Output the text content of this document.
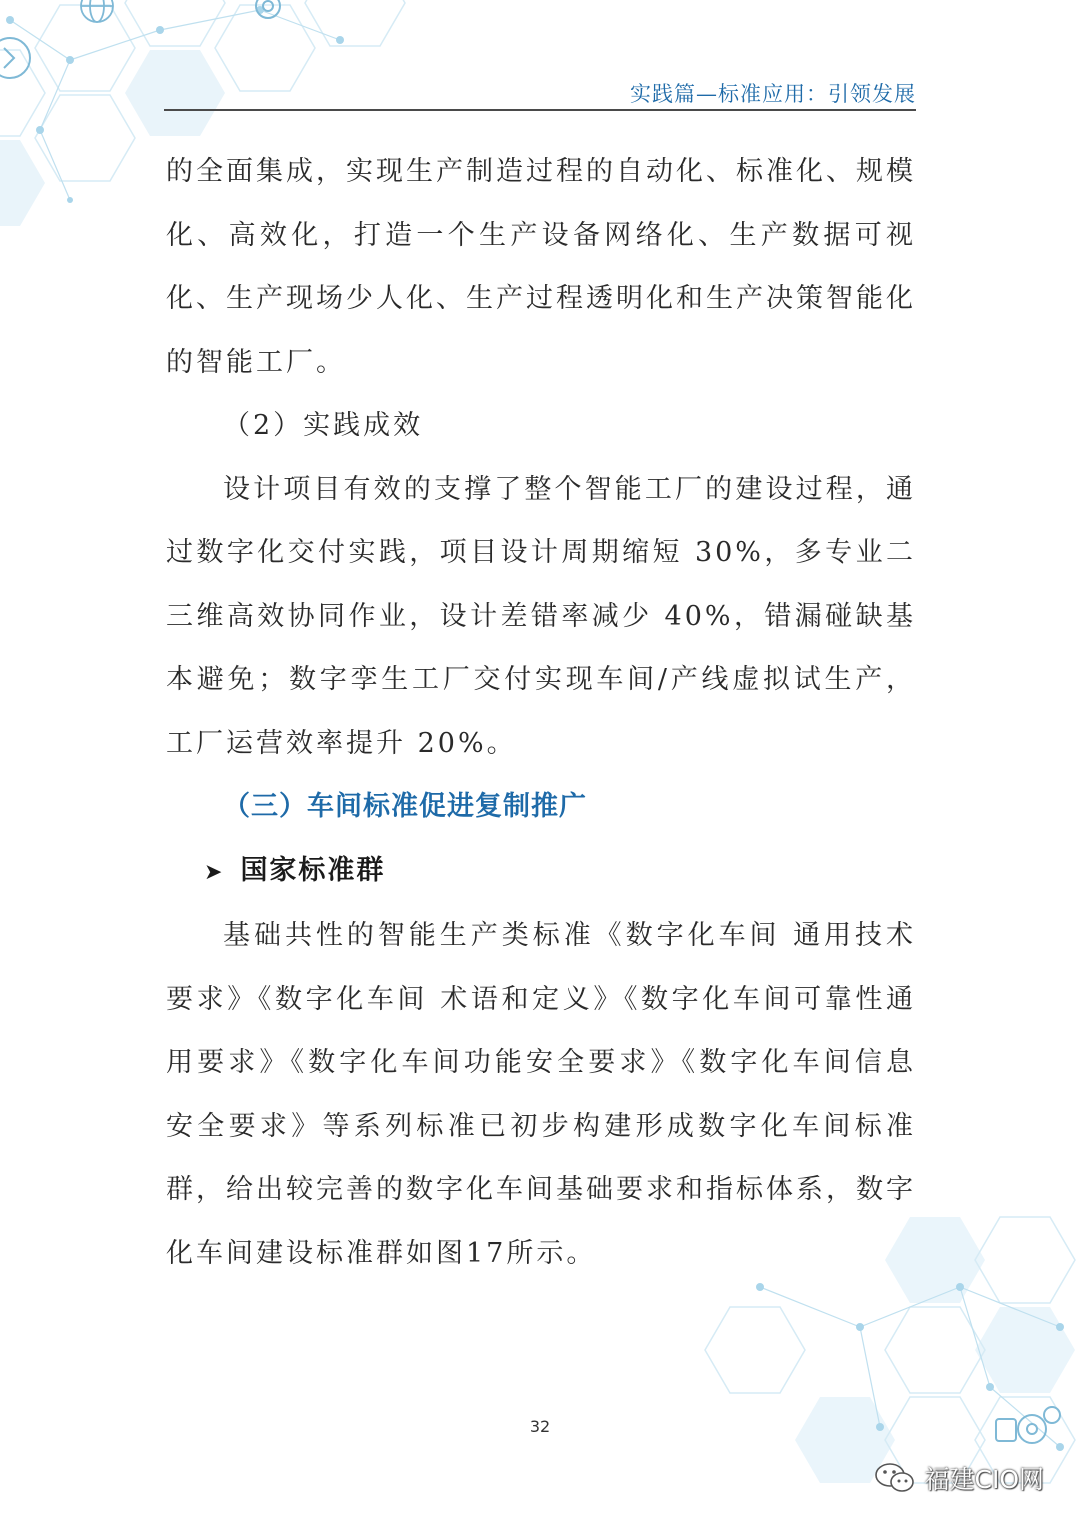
实践篇—标准应用：引领发展

的全面集成，实现生产制造过程的自动化、标准化、规模化、高效化，打造一个生产设备网络化、生产数据可视化、生产现场少人化、生产过程透明化和生产决策智能化的智能工厂。

（2）实践成效

设计项目有效的支撑了整个智能工厂的建设过程，通过数字化交付实践，项目设计周期缩短 30%，多专业二三维高效协同作业，设计差错率减少 40%，错漏碰缺基本避免；数字孪生工厂交付实现车间/产线虚拟试生产，工厂运营效率提升 20%。

（三）车间标准促进复制推广

➤ 国家标准群

基础共性的智能生产类标准《数字化车间 通用技术要求》《数字化车间 术语和定义》《数字化车间可靠性通用要求》《数字化车间功能安全要求》《数字化车间信息安全要求》等系列标准已初步构建形成数字化车间标准群，给出较完善的数字化车间基础要求和指标体系，数字化车间建设标准群如图17所示。

32
福建CIO网
